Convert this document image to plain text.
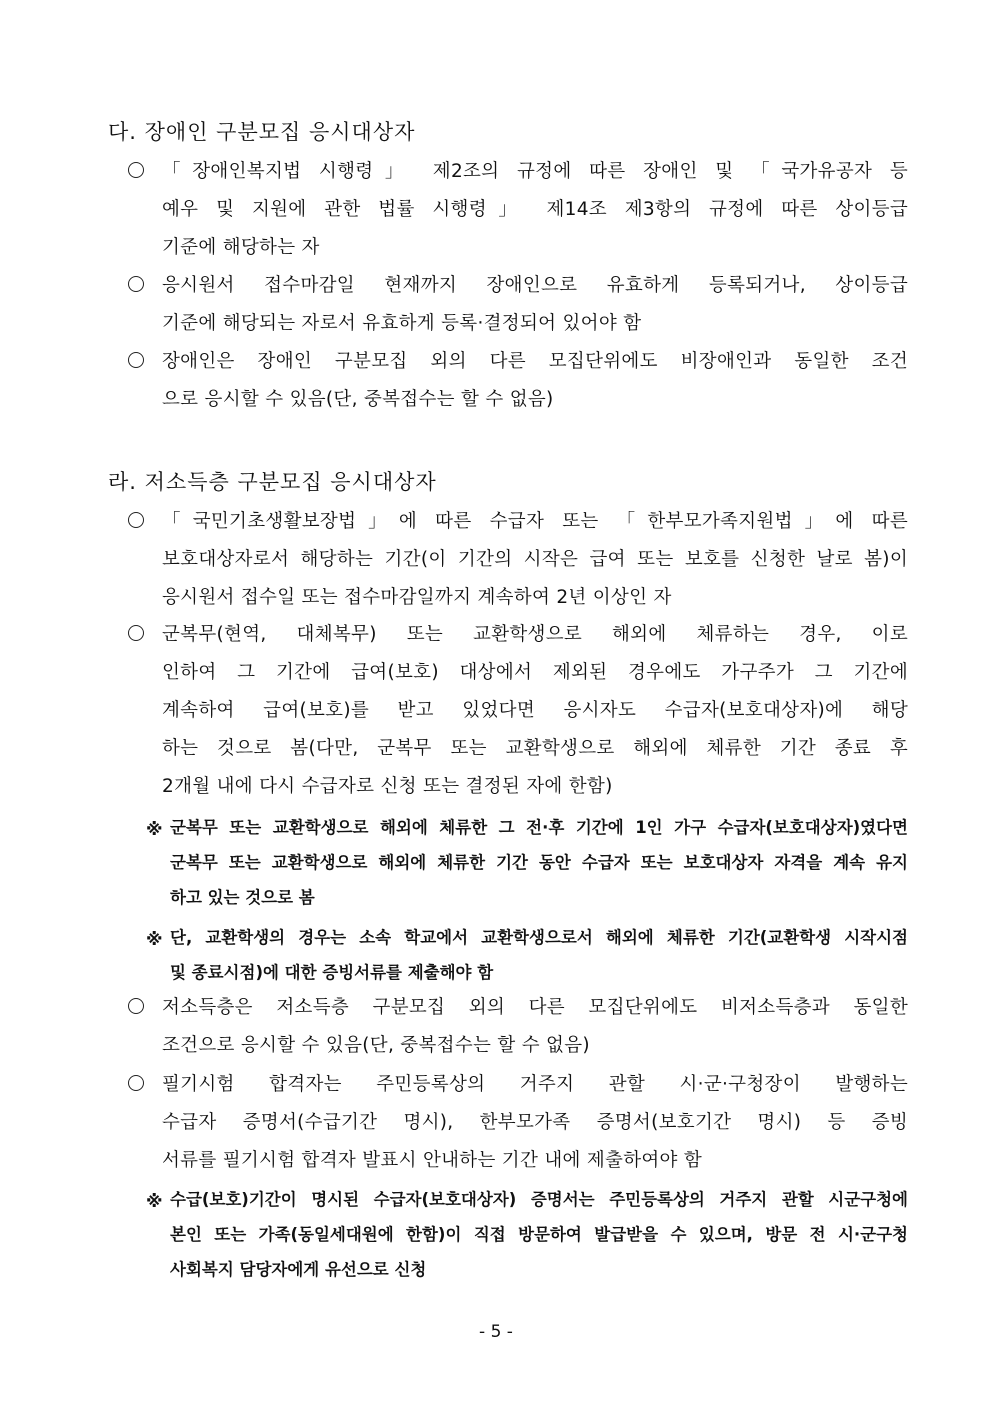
다. 장애인 구분모집 응시대상자
「장애인복지법 시행령」 제2조의 규정에 따른 장애인 및 「국가유공자 등
예우 및 지원에 관한 법률 시행령」 제14조 제3항의 규정에 따른 상이등급
기준에 해당하는 자
응시원서 접수마감일 현재까지 장애인으로 유효하게 등록되거나, 상이등급
기준에 해당되는 자로서 유효하게 등록·결정되어 있어야 함
장애인은 장애인 구분모집 외의 다른 모집단위에도 비장애인과 동일한 조건
으로 응시할 수 있음(단, 중복접수는 할 수 없음)
라. 저소득층 구분모집 응시대상자
「국민기초생활보장법」에 따른 수급자 또는 「한부모가족지원법」에 따른
보호대상자로서 해당하는 기간(이 기간의 시작은 급여 또는 보호를 신청한 날로 봄)이
응시원서 접수일 또는 접수마감일까지 계속하여 2년 이상인 자
군복무(현역, 대체복무) 또는 교환학생으로 해외에 체류하는 경우, 이로
인하여 그 기간에 급여(보호) 대상에서 제외된 경우에도 가구주가 그 기간에
계속하여 급여(보호)를 받고 있었다면 응시자도 수급자(보호대상자)에 해당
하는 것으로 봄(다만, 군복무 또는 교환학생으로 해외에 체류한 기간 종료 후
2개월 내에 다시 수급자로 신청 또는 결정된 자에 한함)
※ 군복무 또는 교환학생으로 해외에 체류한 그 전·후 기간에 1인 가구 수급자(보호대상자)였다면
군복무 또는 교환학생으로 해외에 체류한 기간 동안 수급자 또는 보호대상자 자격을 계속 유지
하고 있는 것으로 봄
※ 단, 교환학생의 경우는 소속 학교에서 교환학생으로서 해외에 체류한 기간(교환학생 시작시점
및 종료시점)에 대한 증빙서류를 제출해야 함
저소득층은 저소득층 구분모집 외의 다른 모집단위에도 비저소득층과 동일한
조건으로 응시할 수 있음(단, 중복접수는 할 수 없음)
필기시험 합격자는 주민등록상의 거주지 관할 시·군·구청장이 발행하는
수급자 증명서(수급기간 명시), 한부모가족 증명서(보호기간 명시) 등 증빙
서류를 필기시험 합격자 발표시 안내하는 기간 내에 제출하여야 함
※ 수급(보호)기간이 명시된 수급자(보호대상자) 증명서는 주민등록상의 거주지 관할 시군구청에
본인 또는 가족(동일세대원에 한함)이 직접 방문하여 발급받을 수 있으며, 방문 전 시·군구청
사회복지 담당자에게 유선으로 신청
- 5 -
